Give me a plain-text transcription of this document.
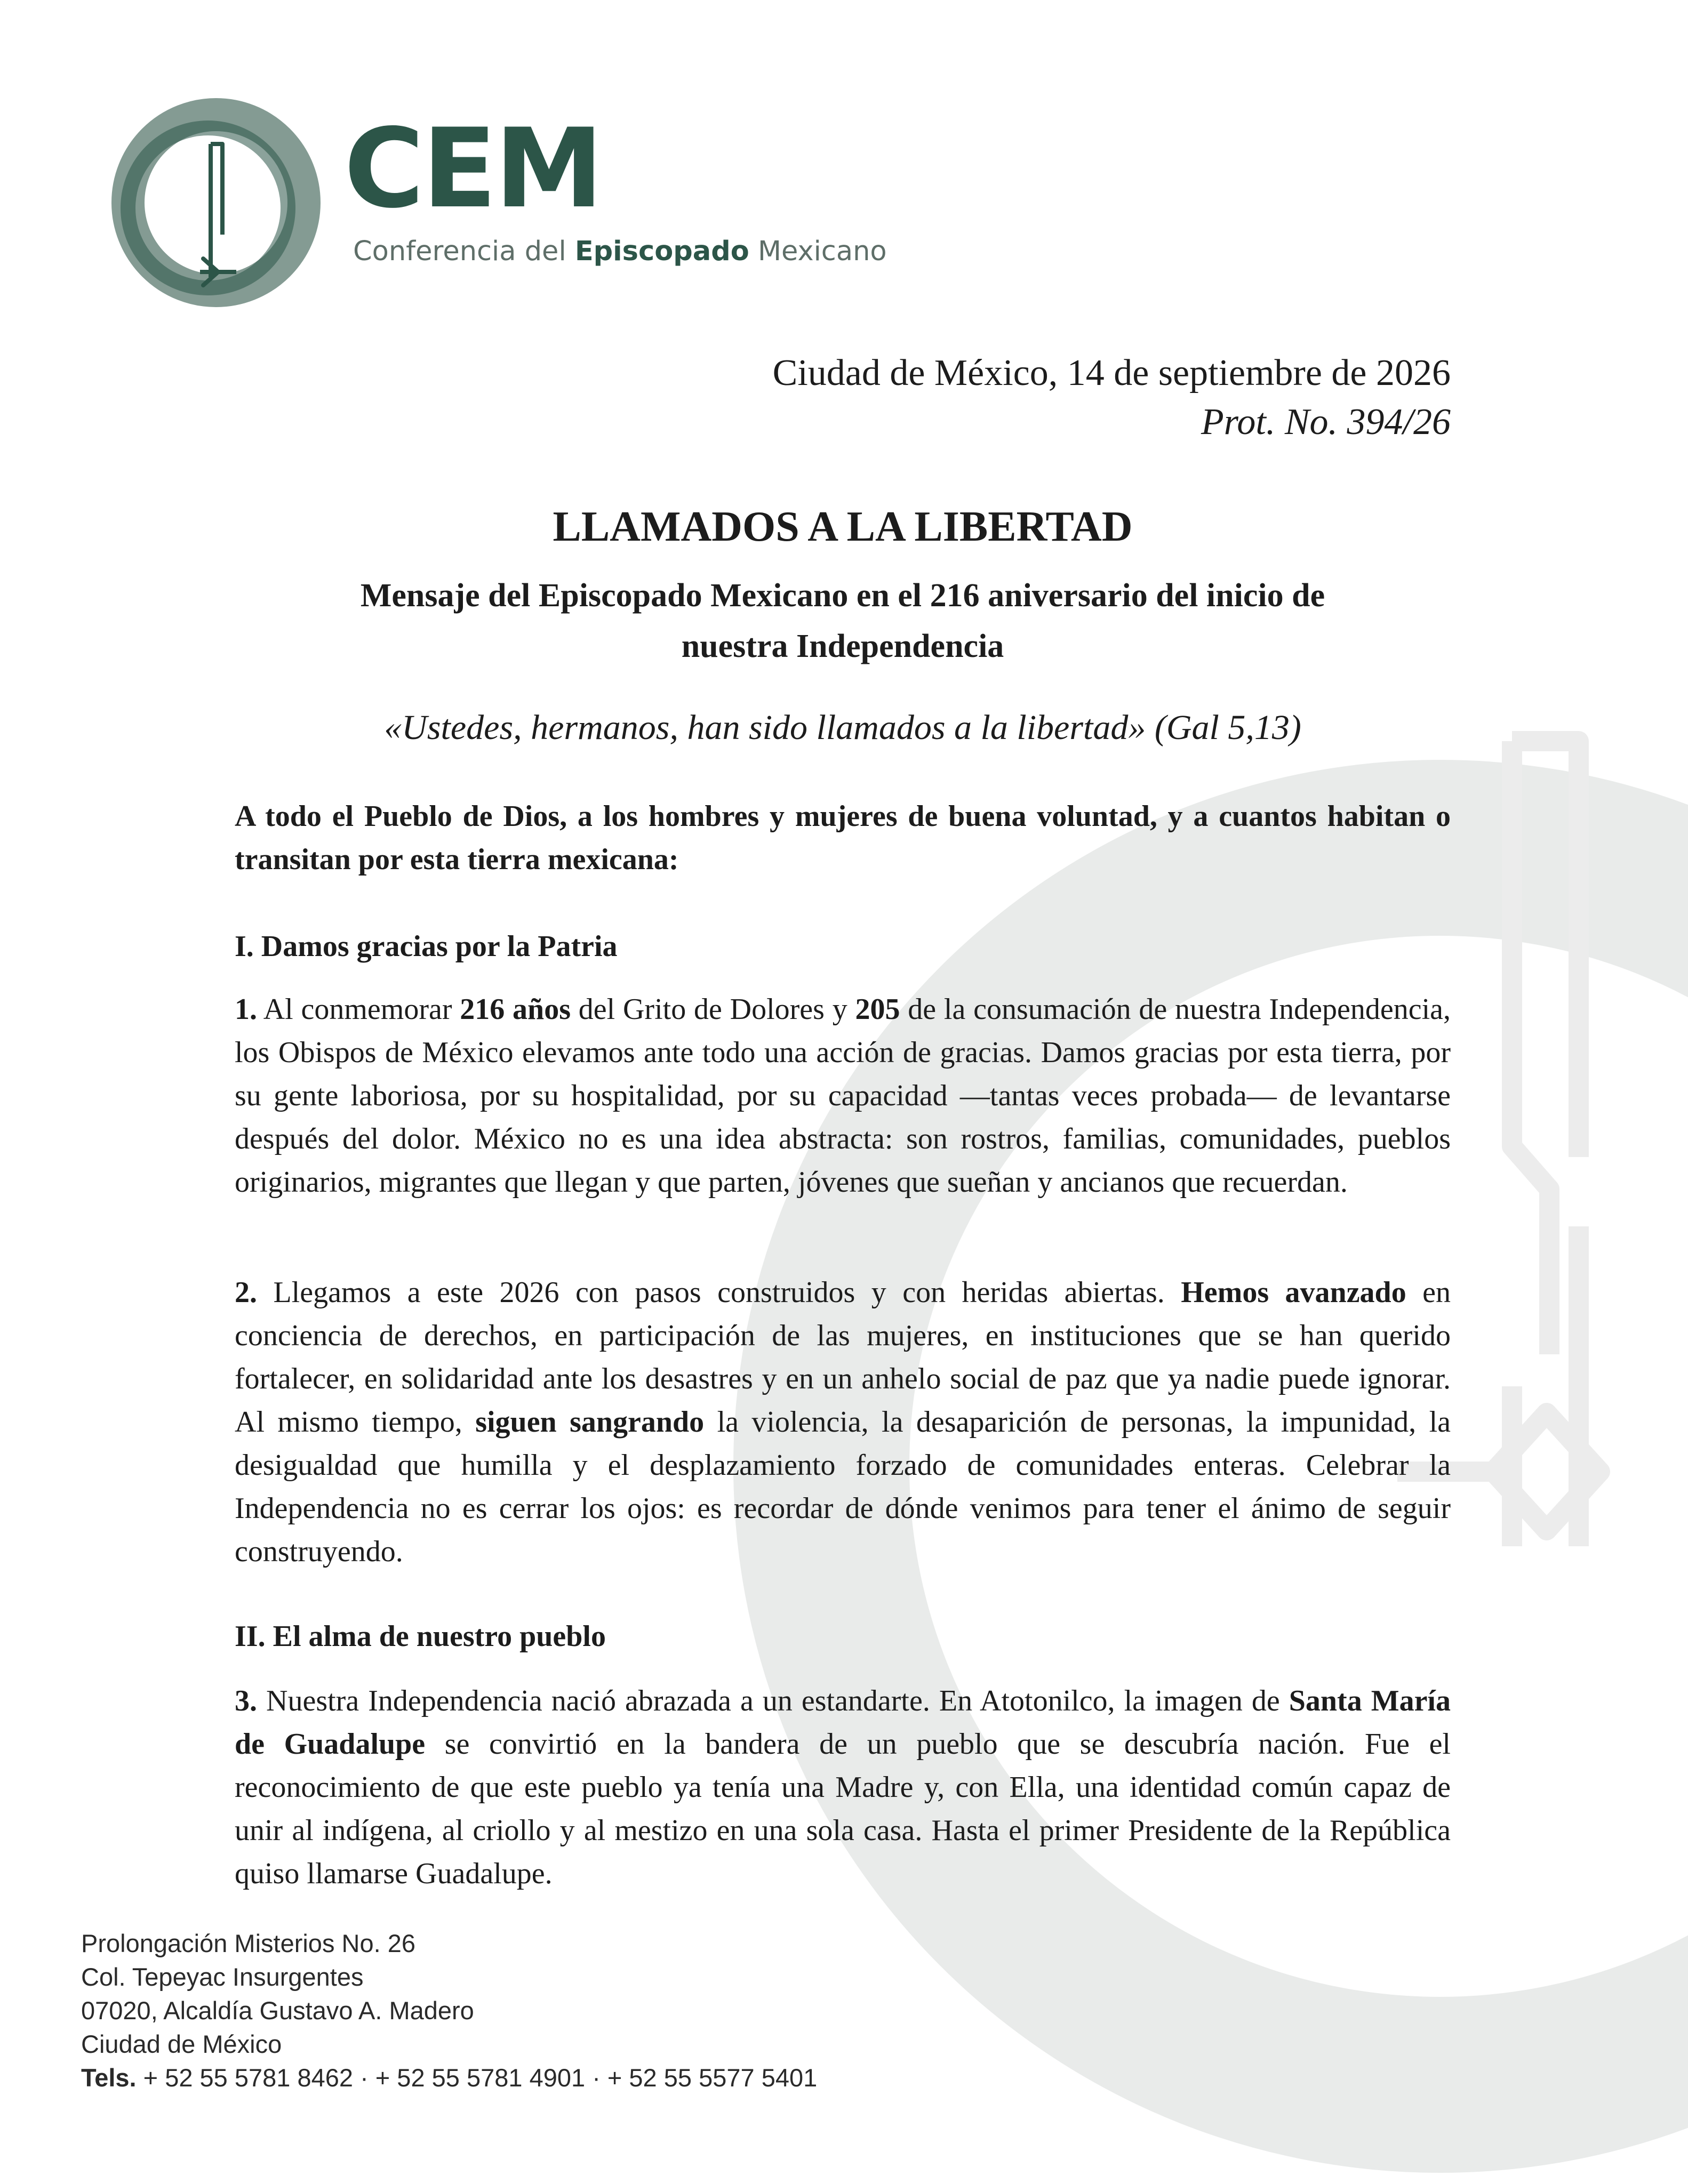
CEM
Conferencia del Episcopado Mexicano
Ciudad de México, 14 de septiembre de 2026
Prot. No. 394/26
LLAMADOS A LA LIBERTAD
Mensaje del Episcopado Mexicano en el 216 aniversario del inicio de
nuestra Independencia
«Ustedes, hermanos, han sido llamados a la libertad» (Gal 5,13)
A todo el Pueblo de Dios, a los hombres y mujeres de buena voluntad, y a cuantos habitan o transitan por esta tierra mexicana:
I. Damos gracias por la Patria
1. Al conmemorar 216 años del Grito de Dolores y 205 de la consumación de nuestra Independencia, los Obispos de México elevamos ante todo una acción de gracias. Damos gracias por esta tierra, por su gente laboriosa, por su hospitalidad, por su capacidad —tantas veces probada— de levantarse después del dolor. México no es una idea abstracta: son rostros, familias, comunidades, pueblos originarios, migrantes que llegan y que parten, jóvenes que sueñan y ancianos que recuerdan.
2. Llegamos a este 2026 con pasos construidos y con heridas abiertas. Hemos avanzado en conciencia de derechos, en participación de las mujeres, en instituciones que se han querido fortalecer, en solidaridad ante los desastres y en un anhelo social de paz que ya nadie puede ignorar. Al mismo tiempo, siguen sangrando la violencia, la desaparición de personas, la impunidad, la desigualdad que humilla y el desplazamiento forzado de comunidades enteras. Celebrar la Independencia no es cerrar los ojos: es recordar de dónde venimos para tener el ánimo de seguir construyendo.
II. El alma de nuestro pueblo
3. Nuestra Independencia nació abrazada a un estandarte. En Atotonilco, la imagen de Santa María de Guadalupe se convirtió en la bandera de un pueblo que se descubría nación. Fue el reconocimiento de que este pueblo ya tenía una Madre y, con Ella, una identidad común capaz de unir al indígena, al criollo y al mestizo en una sola casa. Hasta el primer Presidente de la República quiso llamarse Guadalupe.
Prolongación Misterios No. 26
Col. Tepeyac Insurgentes
07020, Alcaldía Gustavo A. Madero
Ciudad de México
Tels. + 52 55 5781 8462 · + 52 55 5781 4901 · + 52 55 5577 5401
